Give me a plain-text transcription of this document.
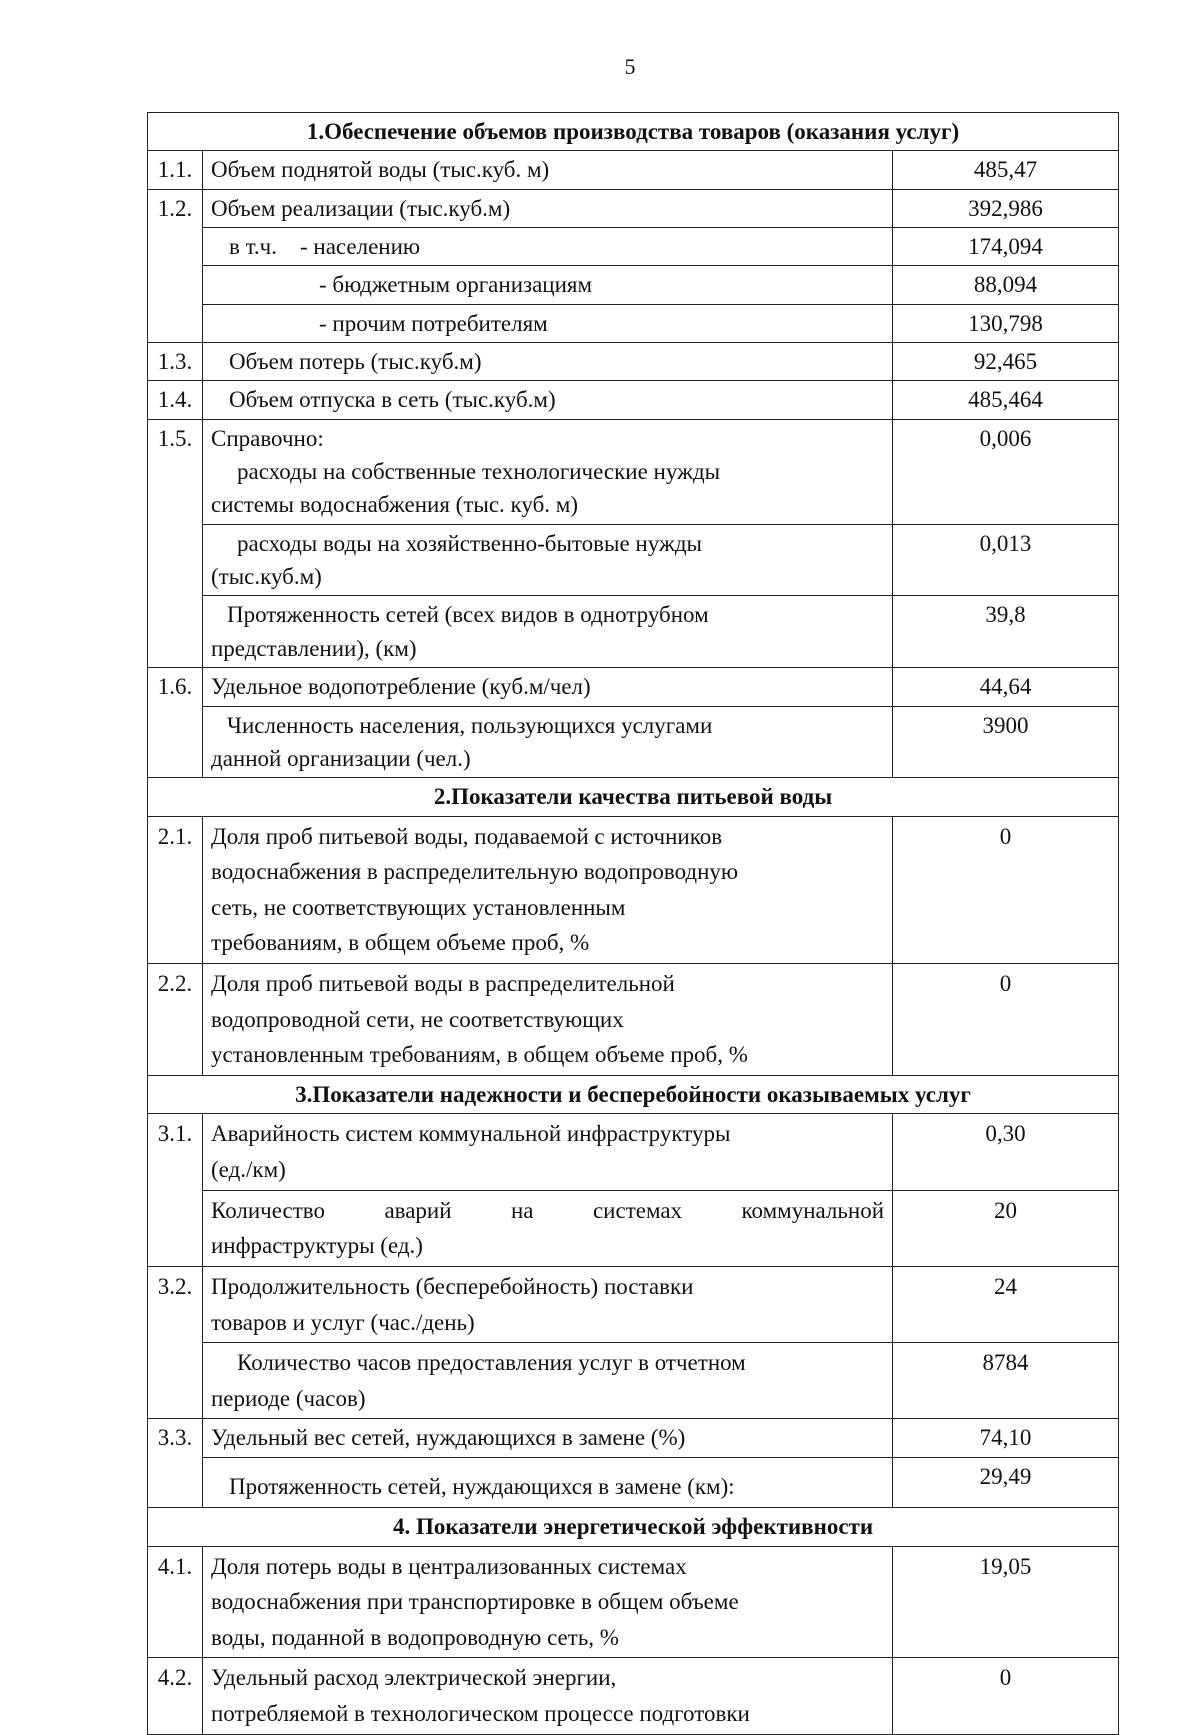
5
1.Обеспечение объемов производства товаров (оказания услуг)		
1.1.	Объем поднятой воды (тыс.куб. м)	485,47
1.2.	Объем реализации (тыс.куб.м)	392,986
	в т.ч.    - населению	174,094
	- бюджетным организациям	88,094
	- прочим потребителям	130,798
1.3.	Объем потерь (тыс.куб.м)	92,465
1.4.	Объем отпуска в сеть (тыс.куб.м)	485,464
1.5.	Справочно:
расходы на собственные технологические нужды
системы водоснабжения (тыс. куб. м)	0,006

	расходы воды на хозяйственно-бытовые нужды
(тыс.куб.м)	0,013

	Протяженность сетей (всех видов в однотрубном
представлении), (км)	39,8
1.6.	Удельное водопотребление (куб.м/чел)	44,64

	Численность населения, пользующихся услугами
данной организации (чел.)	3900
2.Показатели качества питьевой воды		
2.1.	Доля проб питьевой воды, подаваемой с источников
водоснабжения в распределительную водопроводную
сеть, не соответствующих установленным
требованиям, в общем объеме проб, %	0
2.2.	Доля проб питьевой воды в распределительной
водопроводной сети, не соответствующих
установленным требованиям, в общем объеме проб, %	0
3.Показатели надежности и бесперебойности оказываемых услуг		
3.1.	Аварийность систем коммунальной инфраструктуры
(ед./км)	0,30

	Количество аварий на системах коммунальной
инфраструктуры (ед.)	20
3.2.	Продолжительность (бесперебойность) поставки
товаров и услуг (час./день)	24

	Количество часов предоставления услуг в отчетном
периоде (часов)	8784
3.3.	Удельный вес сетей, нуждающихся в замене (%)	74,10
	Протяженность сетей, нуждающихся в замене (км):	29,49
4. Показатели энергетической эффективности		
4.1.	Доля потерь воды в централизованных системах
водоснабжения при транспортировке в общем объеме
воды, поданной в водопроводную сеть, %	19,05
4.2.	Удельный расход электрической энергии,
потребляемой в технологическом процессе подготовки	0
